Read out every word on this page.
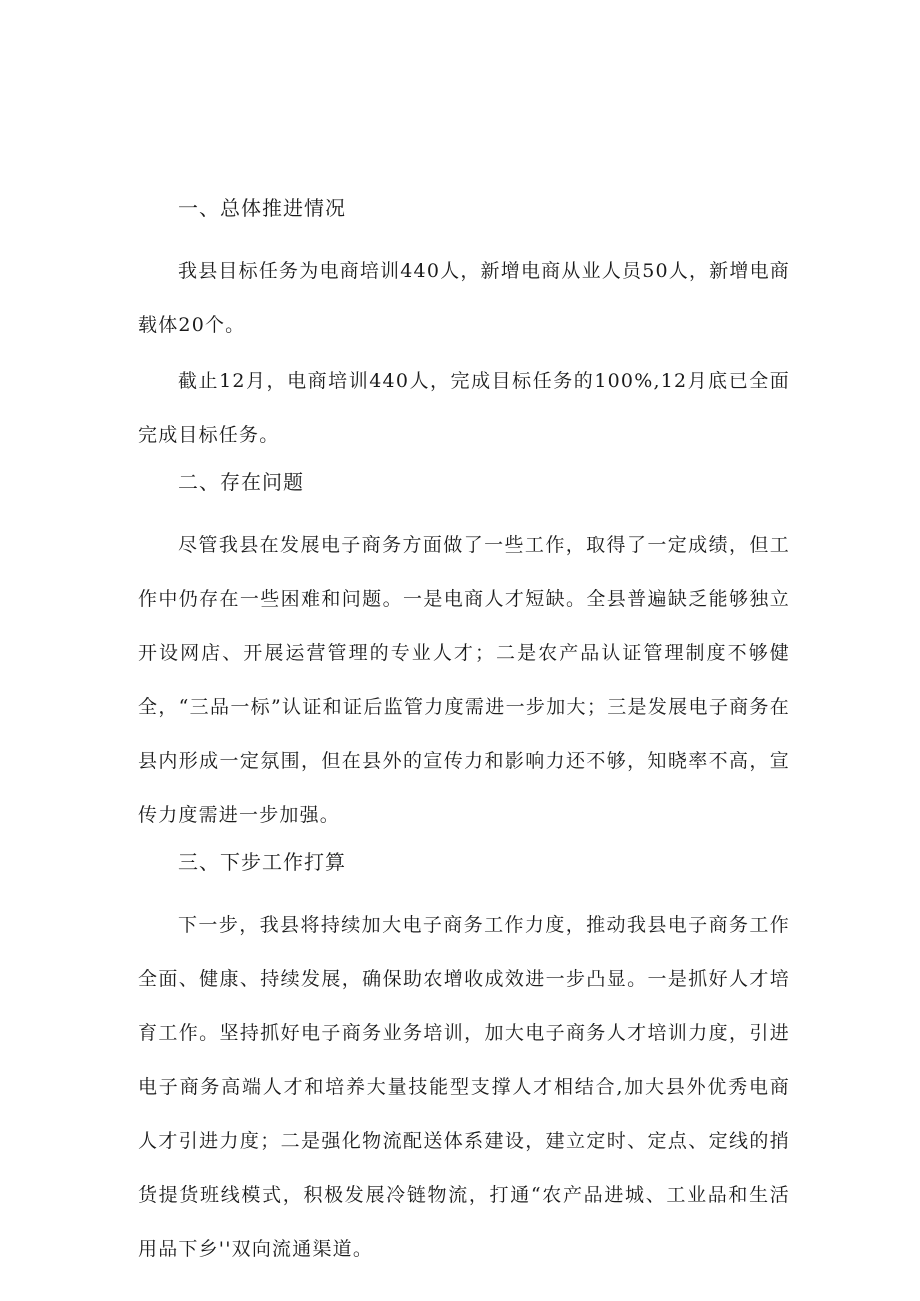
一、总体推进情况

我县目标任务为电商培训440人，新增电商从业人员50人，新增电商载体20个。

截止12月，电商培训440人，完成目标任务的100%,12月底已全面完成目标任务。

二、存在问题

尽管我县在发展电子商务方面做了一些工作，取得了一定成绩，但工作中仍存在一些困难和问题。一是电商人才短缺。全县普遍缺乏能够独立开设网店、开展运营管理的专业人才；二是农产品认证管理制度不够健全，“三品一标”认证和证后监管力度需进一步加大；三是发展电子商务在县内形成一定氛围，但在县外的宣传力和影响力还不够，知晓率不高，宣传力度需进一步加强。

三、下步工作打算

下一步，我县将持续加大电子商务工作力度，推动我县电子商务工作全面、健康、持续发展，确保助农增收成效进一步凸显。一是抓好人才培育工作。坚持抓好电子商务业务培训，加大电子商务人才培训力度，引进电子商务高端人才和培养大量技能型支撑人才相结合,加大县外优秀电商人才引进力度；二是强化物流配送体系建设，建立定时、定点、定线的捎货提货班线模式，积极发展冷链物流，打通“农产品进城、工业品和生活用品下乡''双向流通渠道。
